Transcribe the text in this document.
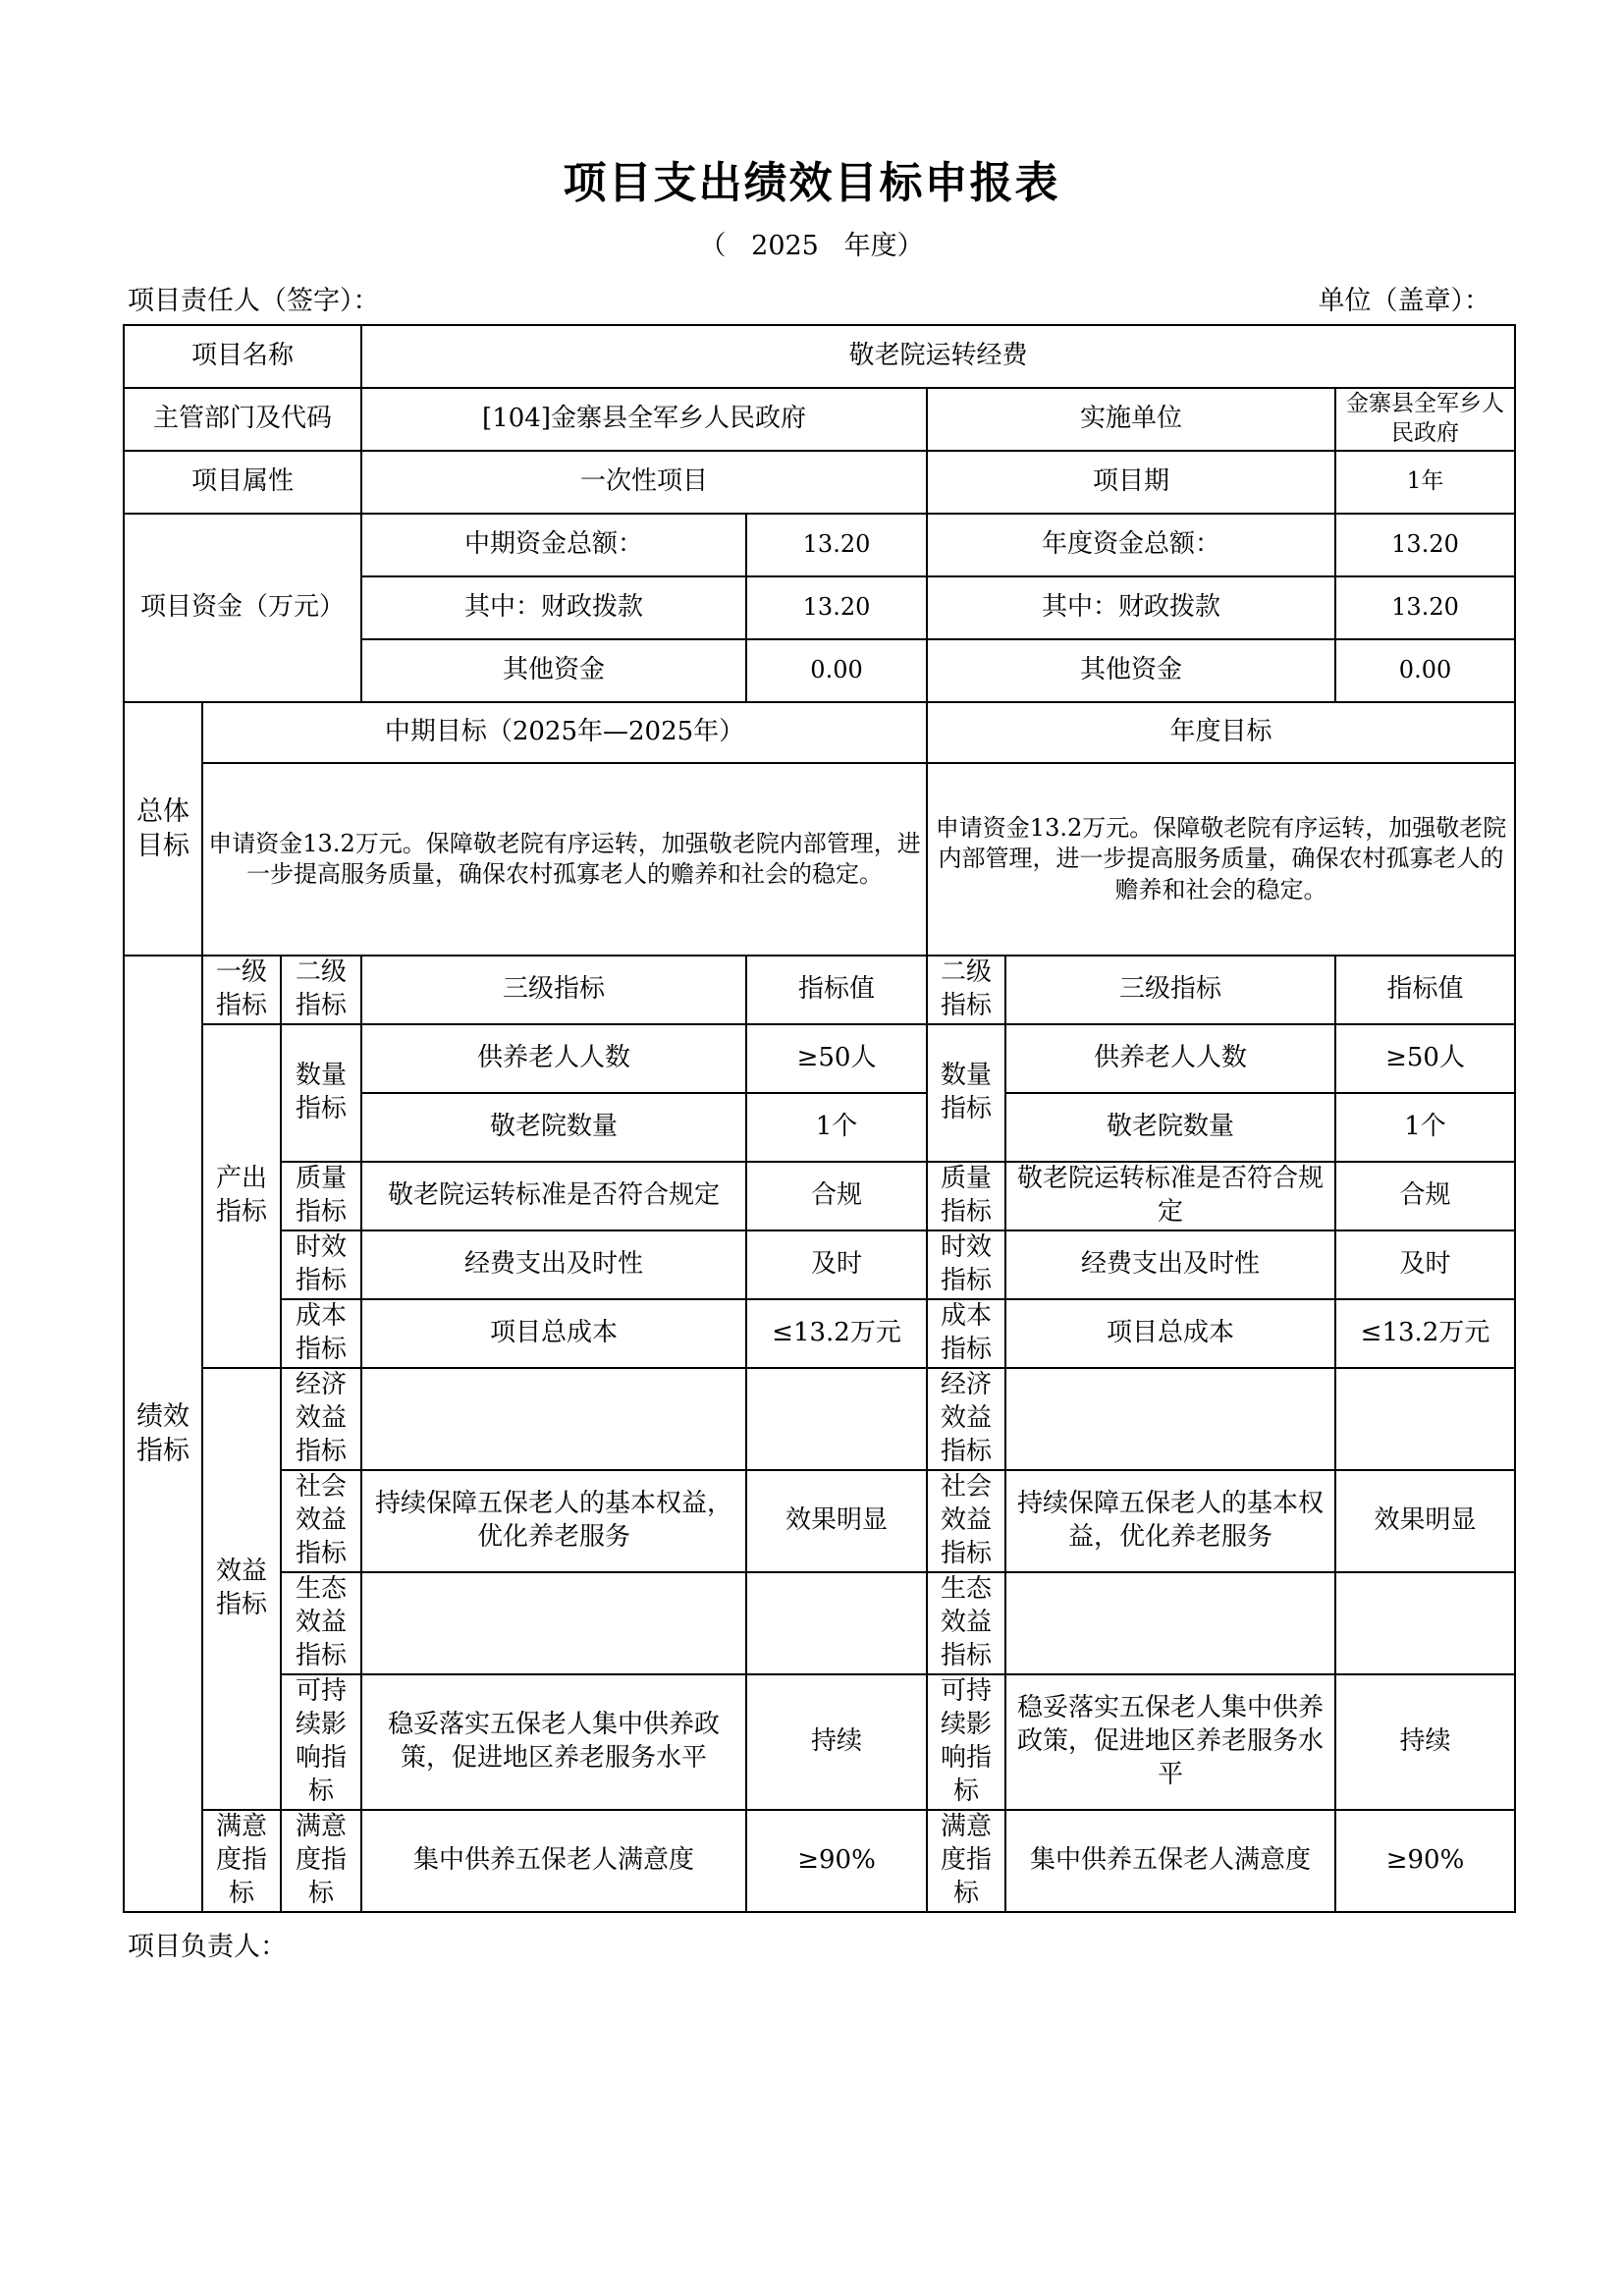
项目支出绩效目标申报表
（   2025   年度）
项目责任人（签字）：	单位（盖章）：
项目名称			敬老院运转经费				
主管部门及代码			[104]金寨县全军乡人民政府		实施单位		金寨县全军乡人民政府
项目属性			一次性项目		项目期		1年
项目资金（万元）			中期资金总额：	13.20	年度资金总额：		13.20
			其中：财政拨款	13.20	其中：财政拨款		13.20
			其他资金	0.00	其他资金		0.00
总体目标	中期目标（2025年—2025年）				年度目标		
	申请资金13.2万元。保障敬老院有序运转，加强敬老院内部管理，进一步提高服务质量，确保农村孤寡老人的赡养和社会的稳定。				申请资金13.2万元。保障敬老院有序运转，加强敬老院内部管理，进一步提高服务质量，确保农村孤寡老人的赡养和社会的稳定。		
绩效指标	一级指标	二级指标	三级指标	指标值	二级指标	三级指标	指标值
	产出指标	数量指标	供养老人人数	≥50人	数量指标	供养老人人数	≥50人
			敬老院数量	1个		敬老院数量	1个
		质量指标	敬老院运转标准是否符合规定	合规	质量指标	敬老院运转标准是否符合规定	合规
		时效指标	经费支出及时性	及时	时效指标	经费支出及时性	及时
		成本指标	项目总成本	≤13.2万元	成本指标	项目总成本	≤13.2万元
	效益指标	经济效益指标			经济效益指标		
		社会效益指标	持续保障五保老人的基本权益，优化养老服务	效果明显	社会效益指标	持续保障五保老人的基本权益，优化养老服务	效果明显
		生态效益指标			生态效益指标		
		可持续影响指标	稳妥落实五保老人集中供养政策，促进地区养老服务水平	持续	可持续影响指标	稳妥落实五保老人集中供养政策，促进地区养老服务水平	持续
	满意度指标	满意度指标	集中供养五保老人满意度	≥90%	满意度指标	集中供养五保老人满意度	≥90%
项目负责人：
